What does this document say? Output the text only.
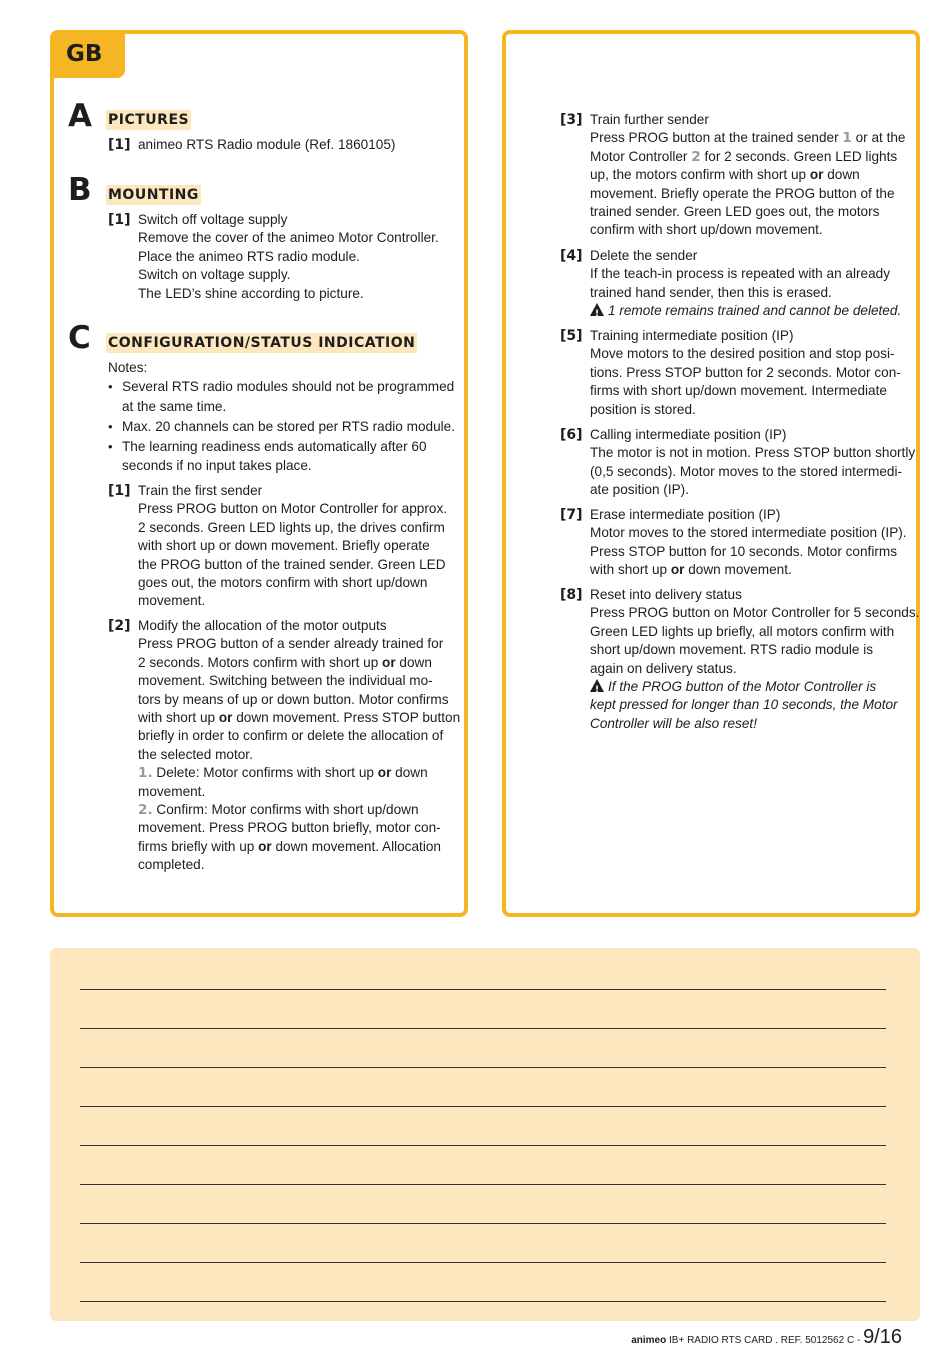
GB
A PICTURES
[1] animeo RTS Radio module (Ref. 1860105)
B MOUNTING
[1] Switch off voltage supply
Remove the cover of the animeo Motor Controller.
Place the animeo RTS radio module.
Switch on voltage supply.
The LED’s shine according to picture.
C CONFIGURATION/STATUS INDICATION
Notes:
• Several RTS radio modules should not be programmed
at the same time.
• Max. 20 channels can be stored per RTS radio module.
• The learning readiness ends automatically after 60
seconds if no input takes place.
[1] Train the first sender
Press PROG button on Motor Controller for approx.
2 seconds. Green LED lights up, the drives confirm
with short up or down movement. Briefly operate
the PROG button of the trained sender. Green LED
goes out, the motors confirm with short up/down
movement.
[2] Modify the allocation of the motor outputs
Press PROG button of a sender already trained for
2 seconds. Motors confirm with short up or down
movement. Switching between the individual mo-
tors by means of up or down button. Motor confirms
with short up or down movement. Press STOP button
briefly in order to confirm or delete the allocation of
the selected motor.
1. Delete: Motor confirms with short up or down
movement.
2. Confirm: Motor confirms with short up/down
movement. Press PROG button briefly, motor con-
firms briefly with up or down movement. Allocation
completed.
[3] Train further sender
Press PROG button at the trained sender 1 or at the
Motor Controller 2 for 2 seconds. Green LED lights
up, the motors confirm with short up or down
movement. Briefly operate the PROG button of the
trained sender. Green LED goes out, the motors
confirm with short up/down movement.
[4] Delete the sender
If the teach-in process is repeated with an already
trained hand sender, then this is erased.
!1 remote remains trained and cannot be deleted.
[5] Training intermediate position (IP)
Move motors to the desired position and stop posi-
tions. Press STOP button for 2 seconds. Motor con-
firms with short up/down movement. Intermediate
position is stored.
[6] Calling intermediate position (IP)
The motor is not in motion. Press STOP button shortly
(0,5 seconds). Motor moves to the stored intermedi-
ate position (IP).
[7] Erase intermediate position (IP)
Motor moves to the stored intermediate position (IP).
Press STOP button for 10 seconds. Motor confirms
with short up or down movement.
[8] Reset into delivery status
Press PROG button on Motor Controller for 5 seconds.
Green LED lights up briefly, all motors confirm with
short up/down movement. RTS radio module is
again on delivery status.
!If the PROG button of the Motor Controller is
kept pressed for longer than 10 seconds, the Motor
Controller will be also reset!
animeo IB+ RADIO RTS CARD . REF. 5012562 C - 9/16
